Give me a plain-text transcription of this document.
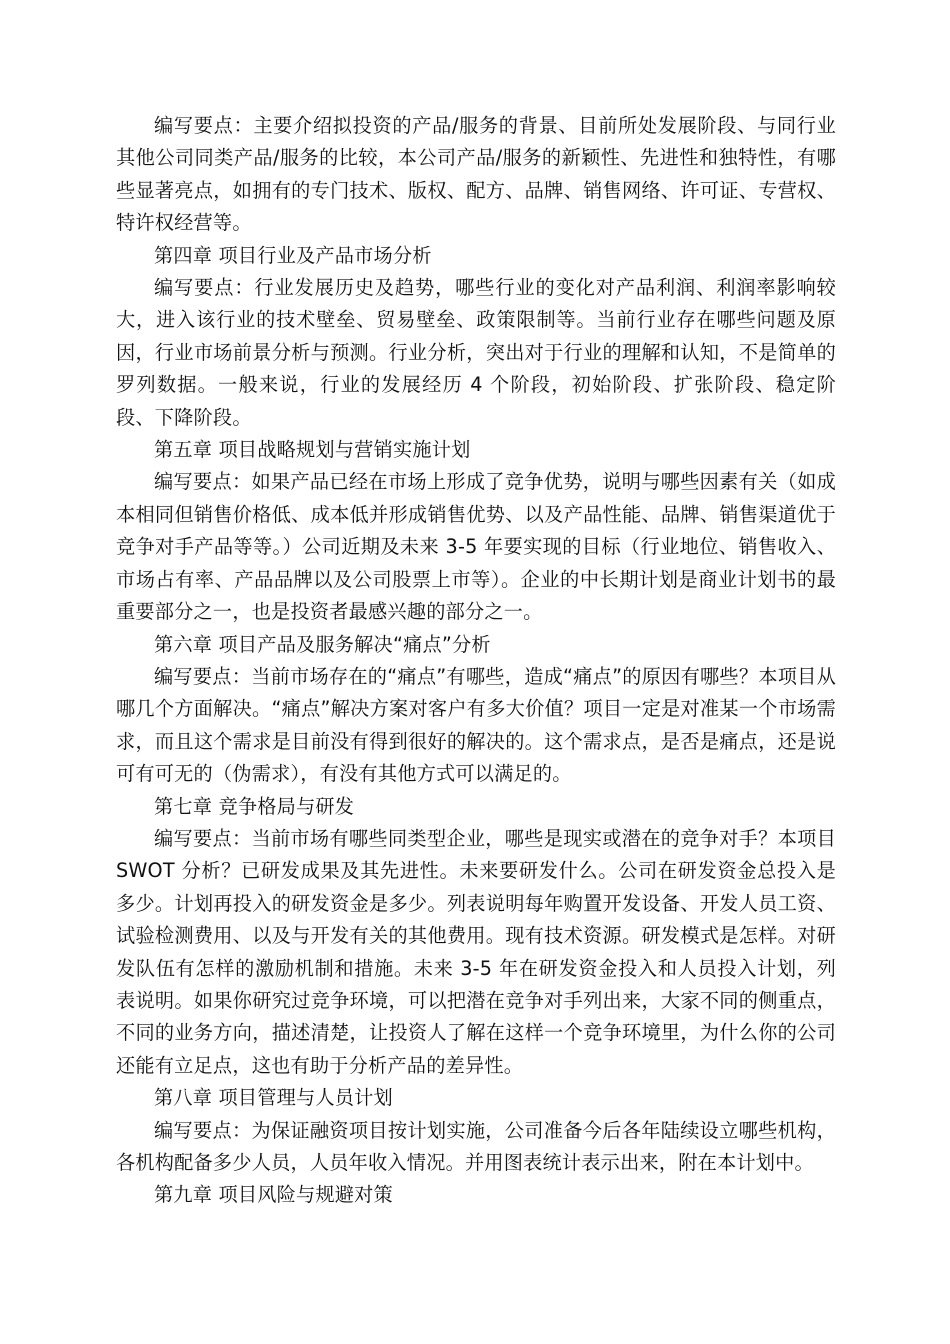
编写要点：主要介绍拟投资的产品/服务的背景、目前所处发展阶段、与同行业其他公司同类产品/服务的比较，本公司产品/服务的新颖性、先进性和独特性，有哪些显著亮点，如拥有的专门技术、版权、配方、品牌、销售网络、许可证、专营权、特许权经营等。

第四章 项目行业及产品市场分析

编写要点：行业发展历史及趋势，哪些行业的变化对产品利润、利润率影响较大，进入该行业的技术壁垒、贸易壁垒、政策限制等。当前行业存在哪些问题及原因，行业市场前景分析与预测。行业分析，突出对于行业的理解和认知，不是简单的罗列数据。一般来说，行业的发展经历 4 个阶段，初始阶段、扩张阶段、稳定阶段、下降阶段。

第五章 项目战略规划与营销实施计划

编写要点：如果产品已经在市场上形成了竞争优势，说明与哪些因素有关（如成本相同但销售价格低、成本低并形成销售优势、以及产品性能、品牌、销售渠道优于竞争对手产品等等。）公司近期及未来 3-5 年要实现的目标（行业地位、销售收入、市场占有率、产品品牌以及公司股票上市等）。企业的中长期计划是商业计划书的最重要部分之一，也是投资者最感兴趣的部分之一。

第六章 项目产品及服务解决“痛点”分析

编写要点：当前市场存在的“痛点”有哪些，造成“痛点”的原因有哪些？本项目从哪几个方面解决。“痛点”解决方案对客户有多大价值？项目一定是对准某一个市场需求，而且这个需求是目前没有得到很好的解决的。这个需求点，是否是痛点，还是说可有可无的（伪需求），有没有其他方式可以满足的。

第七章 竞争格局与研发

编写要点：当前市场有哪些同类型企业，哪些是现实或潜在的竞争对手？本项目 SWOT 分析？已研发成果及其先进性。未来要研发什么。公司在研发资金总投入是多少。计划再投入的研发资金是多少。列表说明每年购置开发设备、开发人员工资、试验检测费用、以及与开发有关的其他费用。现有技术资源。研发模式是怎样。对研发队伍有怎样的激励机制和措施。未来 3-5 年在研发资金投入和人员投入计划，列表说明。如果你研究过竞争环境，可以把潜在竞争对手列出来，大家不同的侧重点，不同的业务方向，描述清楚，让投资人了解在这样一个竞争环境里，为什么你的公司还能有立足点，这也有助于分析产品的差异性。

第八章 项目管理与人员计划

编写要点：为保证融资项目按计划实施，公司准备今后各年陆续设立哪些机构，各机构配备多少人员，人员年收入情况。并用图表统计表示出来，附在本计划中。

第九章 项目风险与规避对策
